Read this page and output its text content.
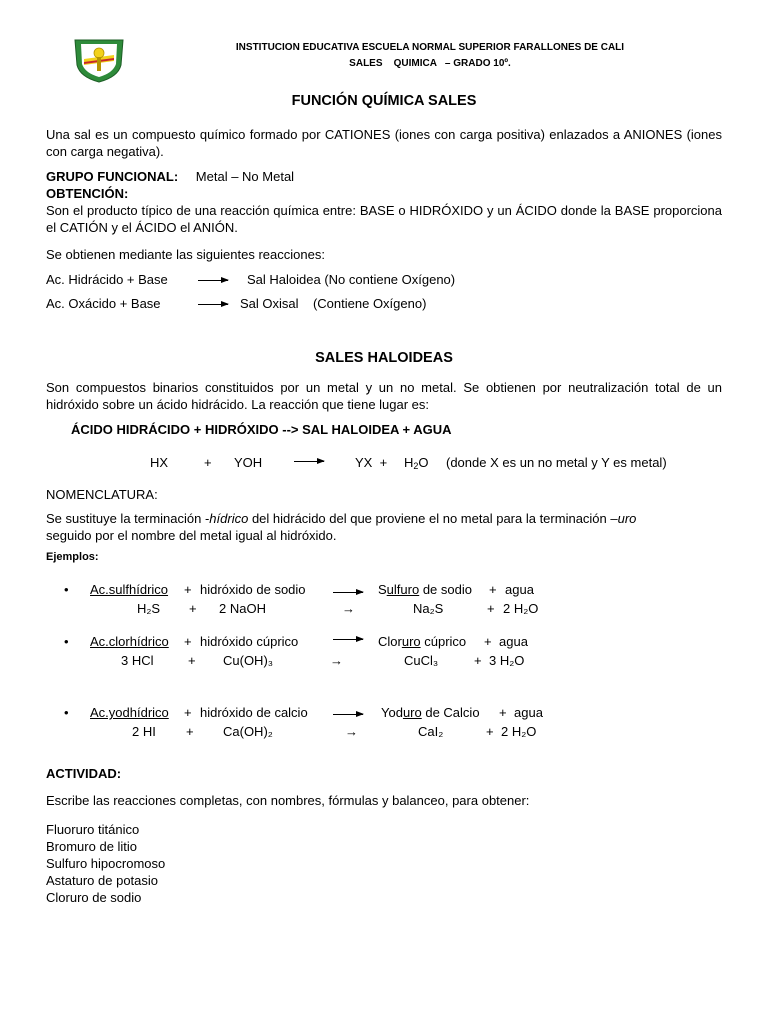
INSTITUCION EDUCATIVA ESCUELA NORMAL SUPERIOR FARALLONES DE CALI
SALES    QUIMICA   – GRADO 10º.
FUNCIÓN QUÍMICA SALES
Una sal es un compuesto químico formado por CATIONES (iones con carga positiva) enlazados a ANIONES (iones con carga negativa).
GRUPO FUNCIONAL: Metal – No Metal
OBTENCIÓN:
Son el producto típico de una reacción química entre: BASE o HIDRÓXIDO y un ÁCIDO donde la BASE proporciona el CATIÓN y el ÁCIDO el ANIÓN.
Se obtienen mediante las siguientes reacciones:
Ac. Hidrácido + Base	Sal Haloidea (No contiene Oxígeno)
Ac. Oxácido + Base	Sal Oxisal    (Contiene Oxígeno)
SALES HALOIDEAS
Son compuestos binarios constituidos por un metal y un no metal. Se obtienen por neutralización total de un hidróxido sobre un ácido hidrácido. La reacción que tiene lugar es:
ÁCIDO HIDRÁCIDO + HIDRÓXIDO --> SAL HALOIDEA + AGUA
HX	+ YOH	YX  + $H_2O$ (donde X es un no metal y Y es metal)
NOMENCLATURA:
Se sustituye la terminación -hídrico del hidrácido del que proviene el no metal para la terminación –uro
seguido por el nombre del metal igual al hidróxido.
Ejemplos:
• Ac.sulfhídrico + hidróxido de sodio	Sulfuro de sodio + agua
H₂S + 2 NaOH	→	Na₂S	+ 2 H₂O
• Ac.clorhídrico + hidróxido cúprico	Cloruro cúprico + agua
3 HCl	+ Cu(OH)₃	→	CuCl₃	+ 3 H₂O
• Ac.yodhídrico + hidróxido de calcio	Yoduro de Calcio + agua
2 HI + Ca(OH)₂	→	CaI₂	+ 2 H₂O
ACTIVIDAD:
Escribe las reacciones completas, con nombres, fórmulas y balanceo, para obtener:
Fluoruro titánico
Bromuro de litio
Sulfuro hipocromoso
Astaturo de potasio
Cloruro de sodio
